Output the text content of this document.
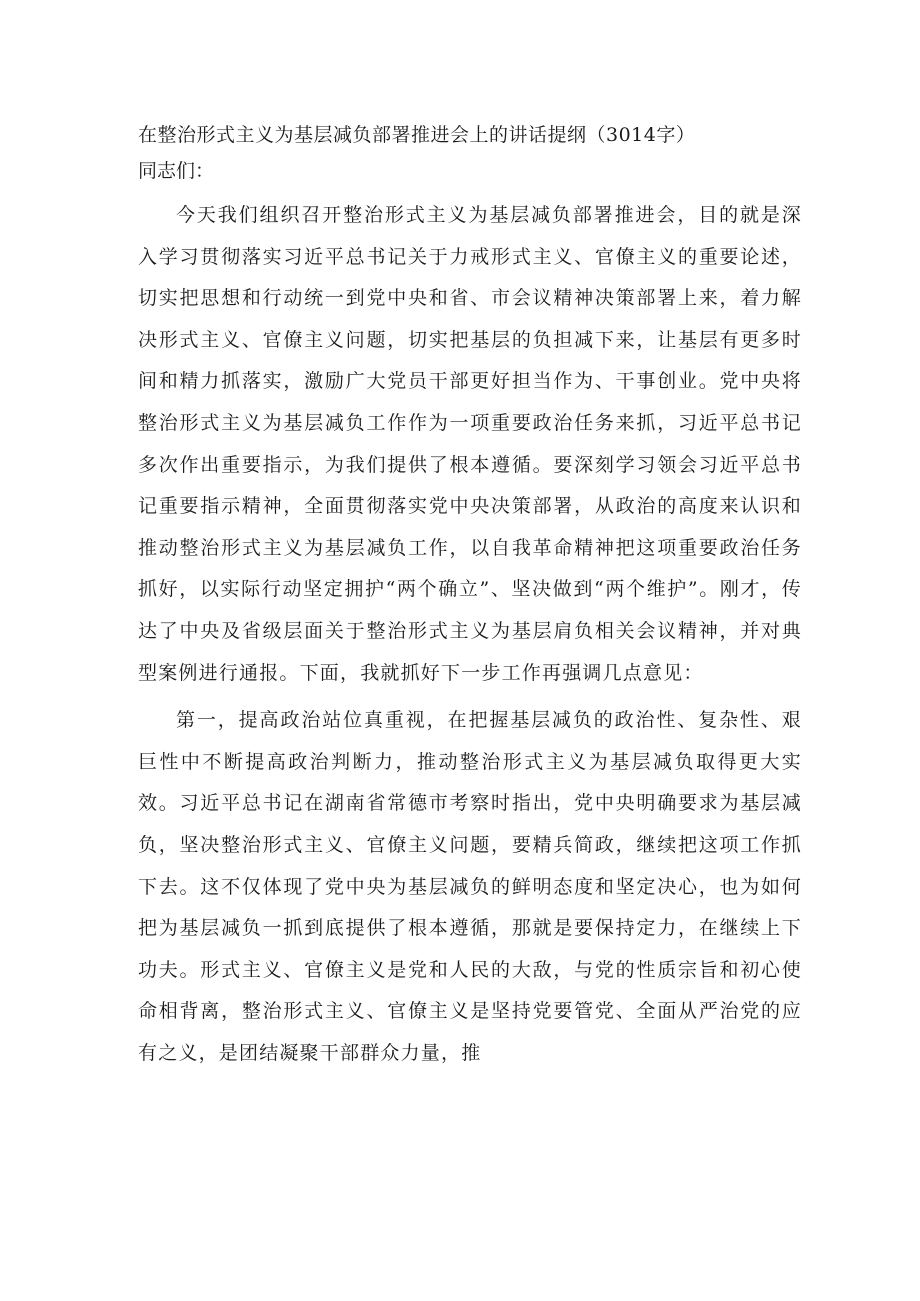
在整治形式主义为基层减负部署推进会上的讲话提纲（3014字）

同志们：

今天我们组织召开整治形式主义为基层减负部署推进会，目的就是深入学习贯彻落实习近平总书记关于力戒形式主义、官僚主义的重要论述，切实把思想和行动统一到党中央和省、市会议精神决策部署上来，着力解决形式主义、官僚主义问题，切实把基层的负担减下来，让基层有更多时间和精力抓落实，激励广大党员干部更好担当作为、干事创业。党中央将整治形式主义为基层减负工作作为一项重要政治任务来抓，习近平总书记多次作出重要指示，为我们提供了根本遵循。要深刻学习领会习近平总书记重要指示精神，全面贯彻落实党中央决策部署，从政治的高度来认识和推动整治形式主义为基层减负工作，以自我革命精神把这项重要政治任务抓好，以实际行动坚定拥护“两个确立”、坚决做到“两个维护”。刚才，传达了中央及省级层面关于整治形式主义为基层肩负相关会议精神，并对典型案例进行通报。下面，我就抓好下一步工作再强调几点意见：

第一，提高政治站位真重视，在把握基层减负的政治性、复杂性、艰巨性中不断提高政治判断力，推动整治形式主义为基层减负取得更大实效。习近平总书记在湖南省常德市考察时指出，党中央明确要求为基层减负，坚决整治形式主义、官僚主义问题，要精兵简政，继续把这项工作抓下去。这不仅体现了党中央为基层减负的鲜明态度和坚定决心，也为如何把为基层减负一抓到底提供了根本遵循，那就是要保持定力，在继续上下功夫。形式主义、官僚主义是党和人民的大敌，与党的性质宗旨和初心使命相背离，整治形式主义、官僚主义是坚持党要管党、全面从严治党的应有之义，是团结凝聚干部群众力量，推
